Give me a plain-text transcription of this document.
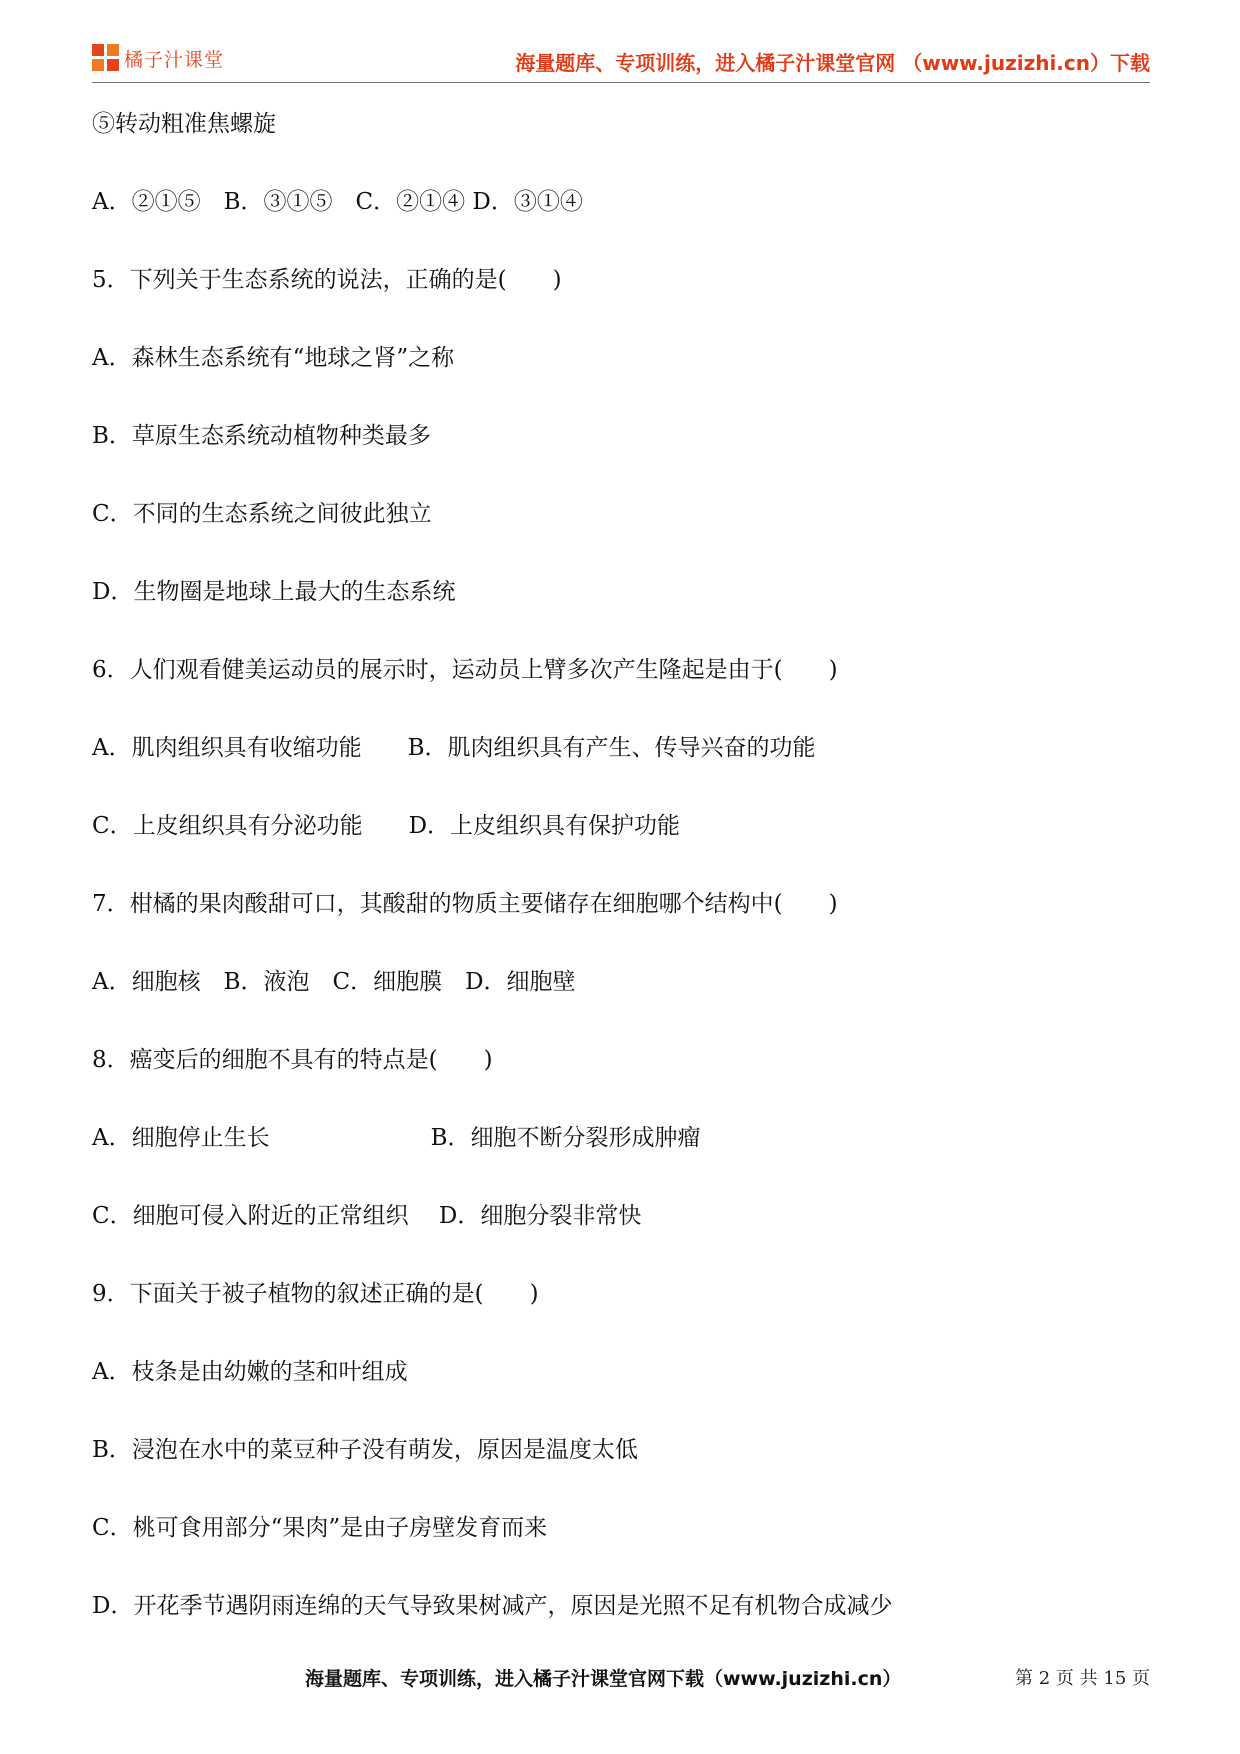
橘子汁课堂	海量题库、专项训练，进入橘子汁课堂官网 （www.juzizhi.cn）下载
⑤转动粗准焦螺旋
A．②①⑤　B．③①⑤　C．②①④ D．③①④
5．下列关于生态系统的说法，正确的是(　　)
A．森林生态系统有“地球之肾”之称
B．草原生态系统动植物种类最多
C．不同的生态系统之间彼此独立
D．生物圈是地球上最大的生态系统
6．人们观看健美运动员的展示时，运动员上臂多次产生隆起是由于(　　)
A．肌肉组织具有收缩功能　　B．肌肉组织具有产生、传导兴奋的功能
C．上皮组织具有分泌功能　　D．上皮组织具有保护功能
7．柑橘的果肉酸甜可口，其酸甜的物质主要储存在细胞哪个结构中(　　)
A．细胞核　B．液泡　C．细胞膜　D．细胞壁
8．癌变后的细胞不具有的特点是(　　)
A．细胞停止生长　　　　　　　B．细胞不断分裂形成肿瘤
C．细胞可侵入附近的正常组织　 D．细胞分裂非常快
9．下面关于被子植物的叙述正确的是(　　)
A．枝条是由幼嫩的茎和叶组成
B．浸泡在水中的菜豆种子没有萌发，原因是温度太低
C．桃可食用部分“果肉”是由子房壁发育而来
D．开花季节遇阴雨连绵的天气导致果树减产，原因是光照不足有机物合成减少
海量题库、专项训练，进入橘子汁课堂官网下载（www.juzizhi.cn）	第 2 页 共 15 页
